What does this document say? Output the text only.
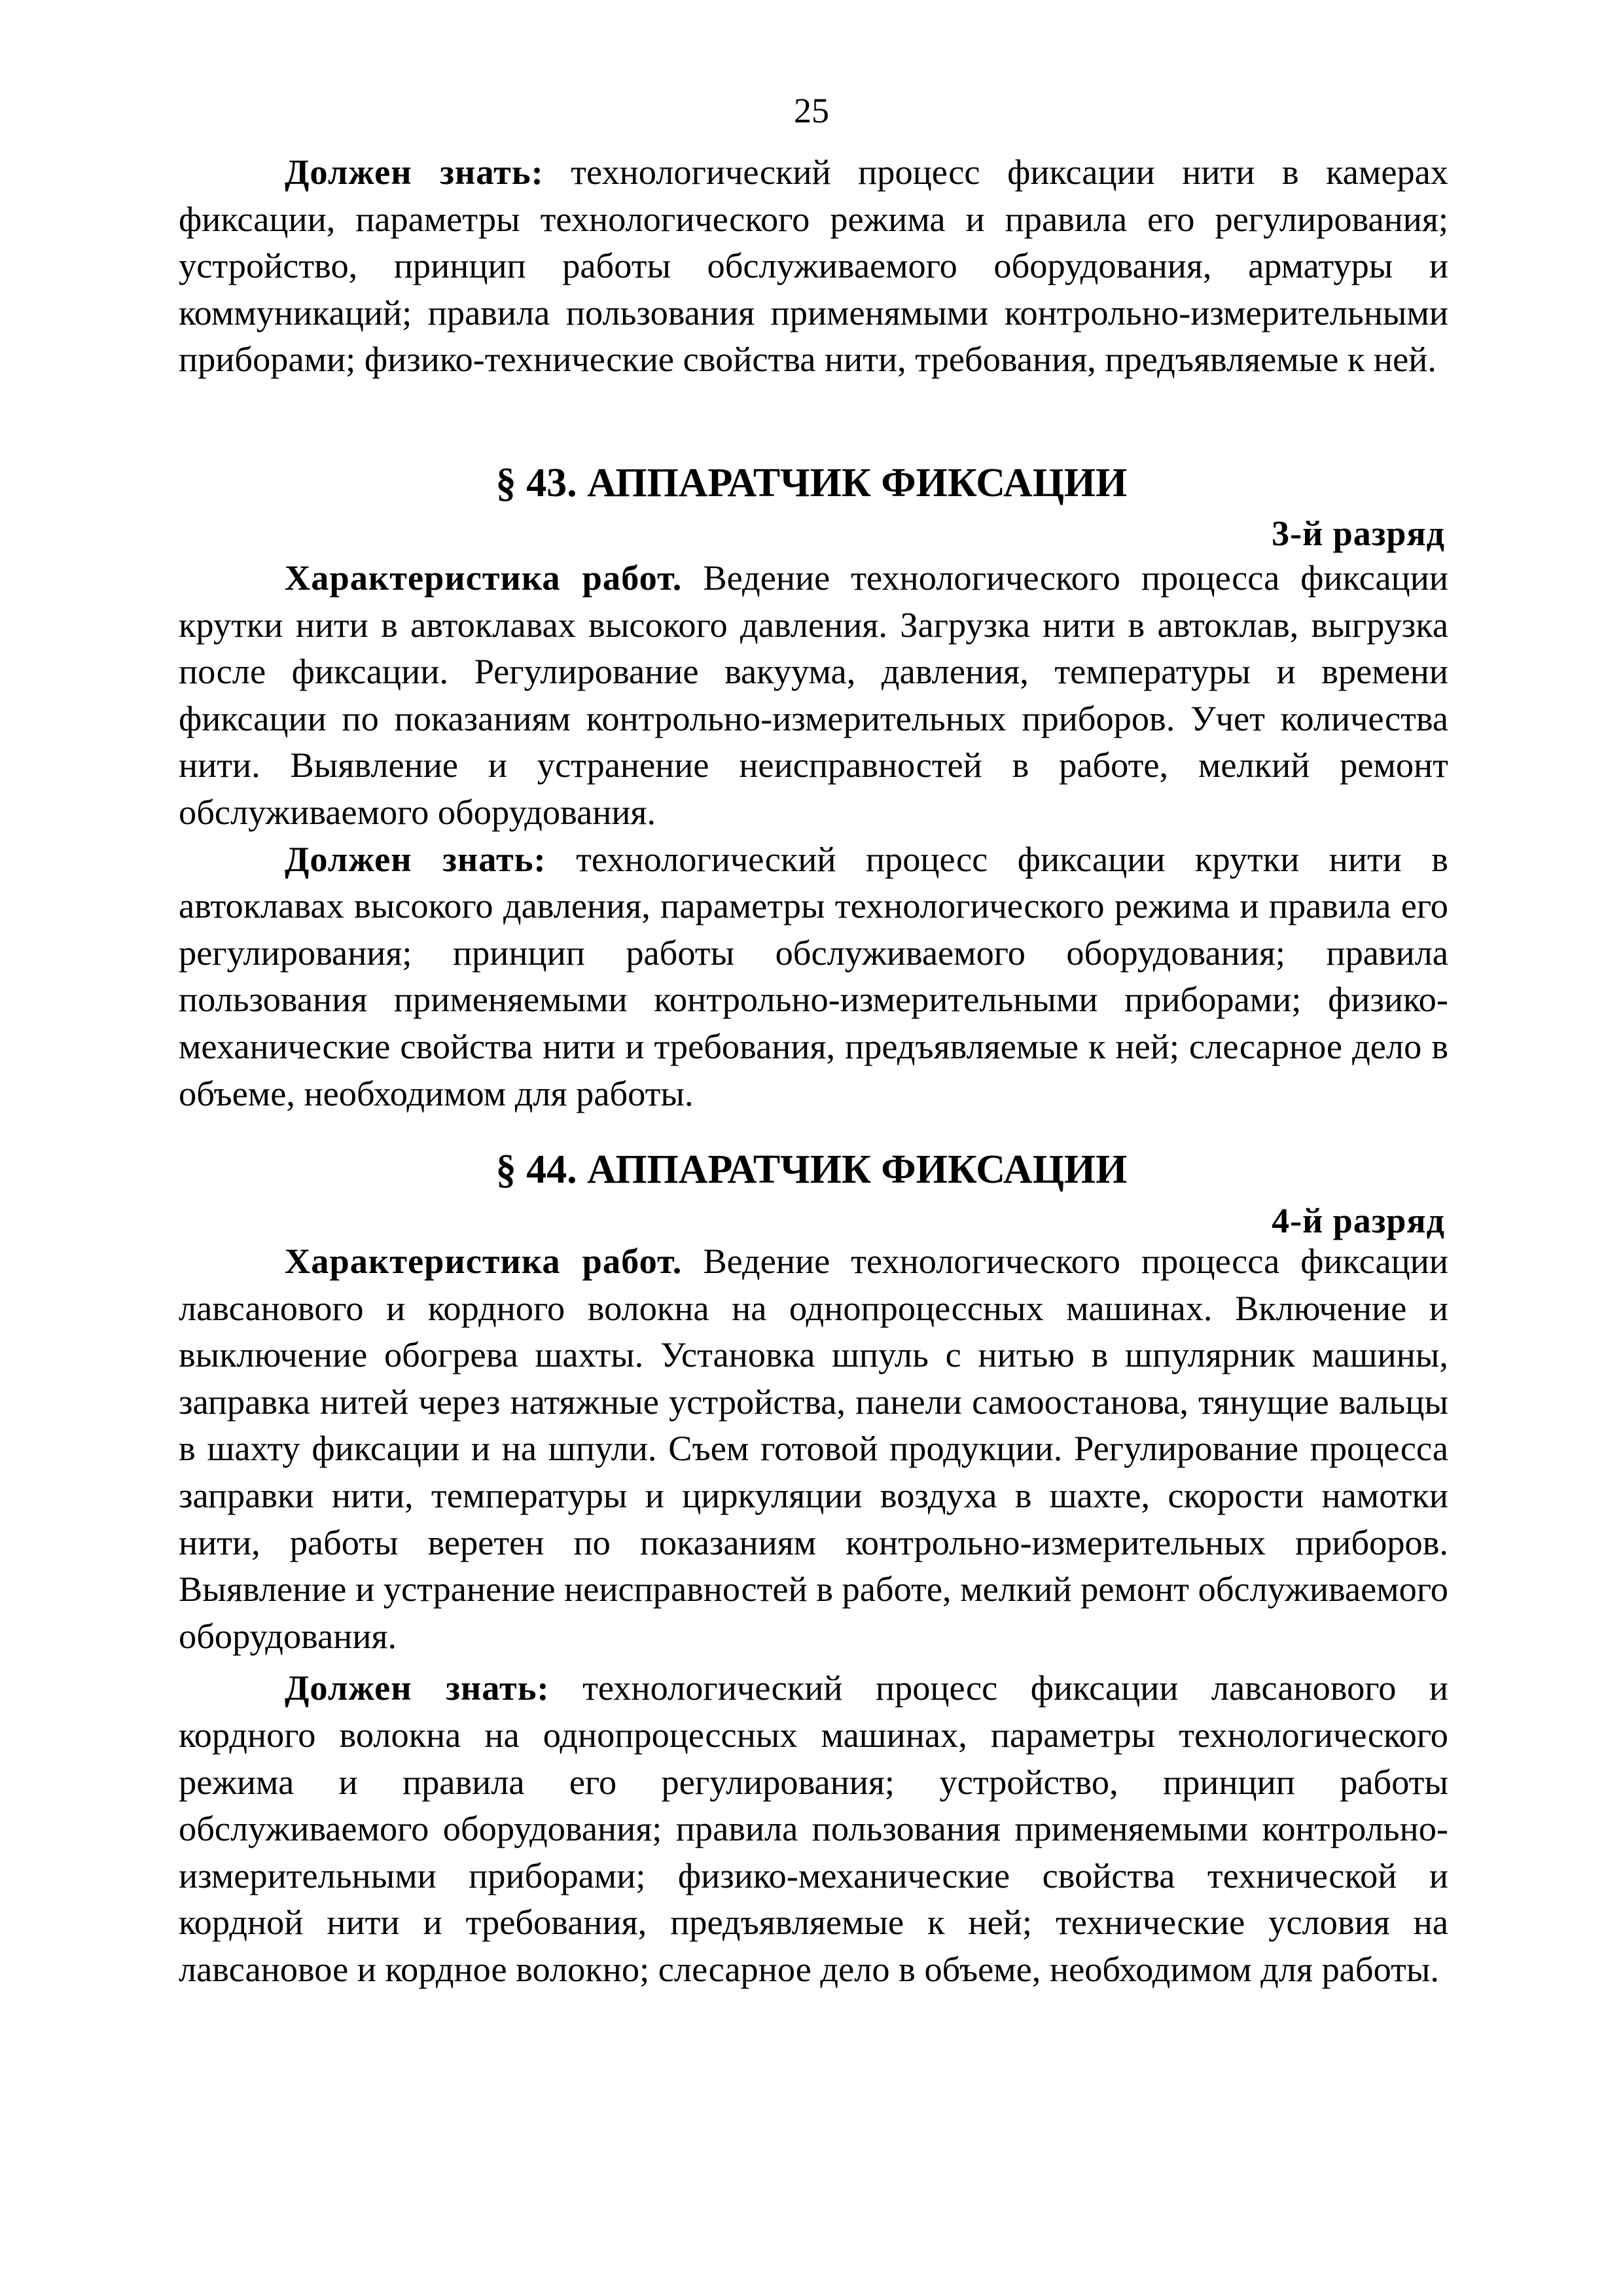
25

Должен знать: технологический процесс фиксации нити в камерах фиксации, параметры технологического режима и правила его регулирования; устройство, принцип работы обслуживаемого оборудования, арматуры и коммуникаций; правила пользования применямыми контрольно-измерительными приборами; физико-технические свойства нити, требования, предъявляемые к ней.

§ 43. АППАРАТЧИК ФИКСАЦИИ
3-й разряд

Характеристика работ. Ведение технологического процесса фиксации крутки нити в автоклавах высокого давления. Загрузка нити в автоклав, выгрузка после фиксации. Регулирование вакуума, давления, температуры и времени фиксации по показаниям контрольно-измерительных приборов. Учет количества нити. Выявление и устранение неисправностей в работе, мелкий ремонт обслуживаемого оборудования.

Должен знать: технологический процесс фиксации крутки нити в автоклавах высокого давления, параметры технологического режима и правила его регулирования; принцип работы обслуживаемого оборудования; правила пользования применяемыми контрольно-измерительными приборами; физико-механические свойства нити и требования, предъявляемые к ней; слесарное дело в объеме, необходимом для работы.

§ 44. АППАРАТЧИК ФИКСАЦИИ
4-й разряд

Характеристика работ. Ведение технологического процесса фиксации лавсанового и кордного волокна на однопроцессных машинах. Включение и выключение обогрева шахты. Установка шпуль с нитью в шпулярник машины, заправка нитей через натяжные устройства, панели самоостанова, тянущие вальцы в шахту фиксации и на шпули. Съем готовой продукции. Регулирование процесса заправки нити, температуры и циркуляции воздуха в шахте, скорости намотки нити, работы веретен по показаниям контрольно-измерительных приборов. Выявление и устранение неисправностей в работе, мелкий ремонт обслуживаемого оборудования.

Должен знать: технологический процесс фиксации лавсанового и кордного волокна на однопроцессных машинах, параметры технологического режима и правила его регулирования; устройство, принцип работы обслуживаемого оборудования; правила пользования применяемыми контрольно-измерительными приборами; физико-механические свойства технической и кордной нити и требования, предъявляемые к ней; технические условия на лавсановое и кордное волокно; слесарное дело в объеме, необходимом для работы.
